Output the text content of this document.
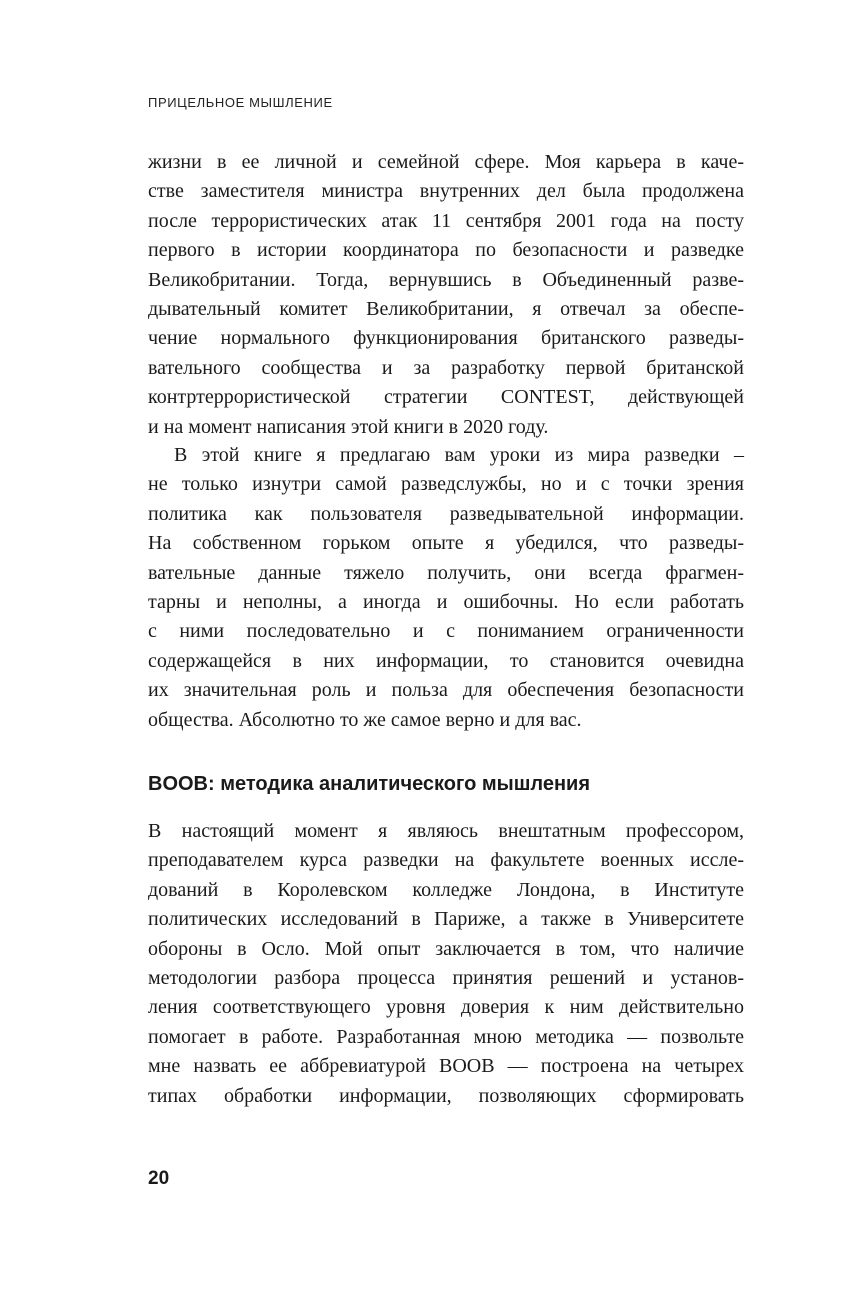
ПРИЦЕЛЬНОЕ МЫШЛЕНИЕ
жизни в ее личной и семейной сфере. Моя карьера в каче-
стве заместителя министра внутренних дел была продолжена
после террористических атак 11 сентября 2001 года на посту
первого в истории координатора по безопасности и разведке
Великобритании. Тогда, вернувшись в Объединенный разве-
дывательный комитет Великобритании, я отвечал за обеспе-
чение нормального функционирования британского разведы-
вательного сообщества и за разработку первой британской
контртеррористической стратегии CONTEST, действующей
и на момент написания этой книги в 2020 году.
В этой книге я предлагаю вам уроки из мира разведки –
не только изнутри самой разведслужбы, но и с точки зрения
политика как пользователя разведывательной информации.
На собственном горьком опыте я убедился, что разведы-
вательные данные тяжело получить, они всегда фрагмен-
тарны и неполны, а иногда и ошибочны. Но если работать
с ними последовательно и с пониманием ограниченности
содержащейся в них информации, то становится очевидна
их значительная роль и польза для обеспечения безопасности
общества. Абсолютно то же самое верно и для вас.
BOOB: методика аналитического мышления
В настоящий момент я являюсь внештатным профессором,
преподавателем курса разведки на факультете военных иссле-
дований в Королевском колледже Лондона, в Институте
политических исследований в Париже, а также в Университете
обороны в Осло. Мой опыт заключается в том, что наличие
методологии разбора процесса принятия решений и установ-
ления соответствующего уровня доверия к ним действительно
помогает в работе. Разработанная мною методика — позвольте
мне назвать ее аббревиатурой BOOB — построена на четырех
типах обработки информации, позволяющих сформировать
20
